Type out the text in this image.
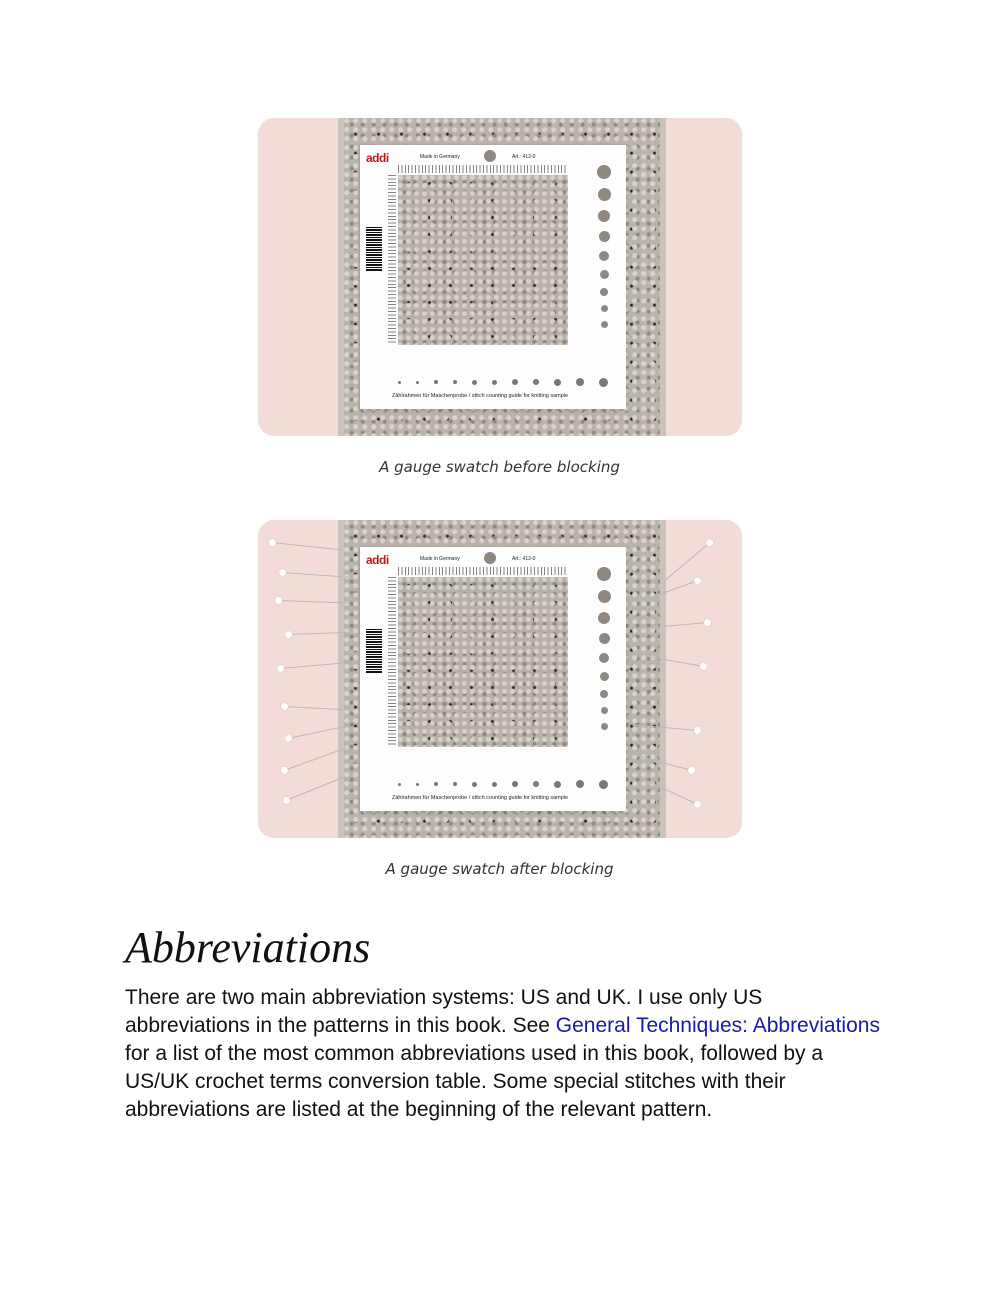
addi	Made in Germany	Art.: 412-0
Zählrahmen für Maschenprobe / stitch counting guide for knitting sample
A gauge swatch before blocking
addi	Made in Germany	Art.: 412-0
Zählrahmen für Maschenprobe / stitch counting guide for knitting sample
A gauge swatch after blocking
Abbreviations

There are two main abbreviation systems: US and UK. I use only US abbreviations in the patterns in this book. See General Techniques: Abbreviations for a list of the most common abbreviations used in this book, followed by a US/UK crochet terms conversion table. Some special stitches with their abbreviations are listed at the beginning of the relevant pattern.
